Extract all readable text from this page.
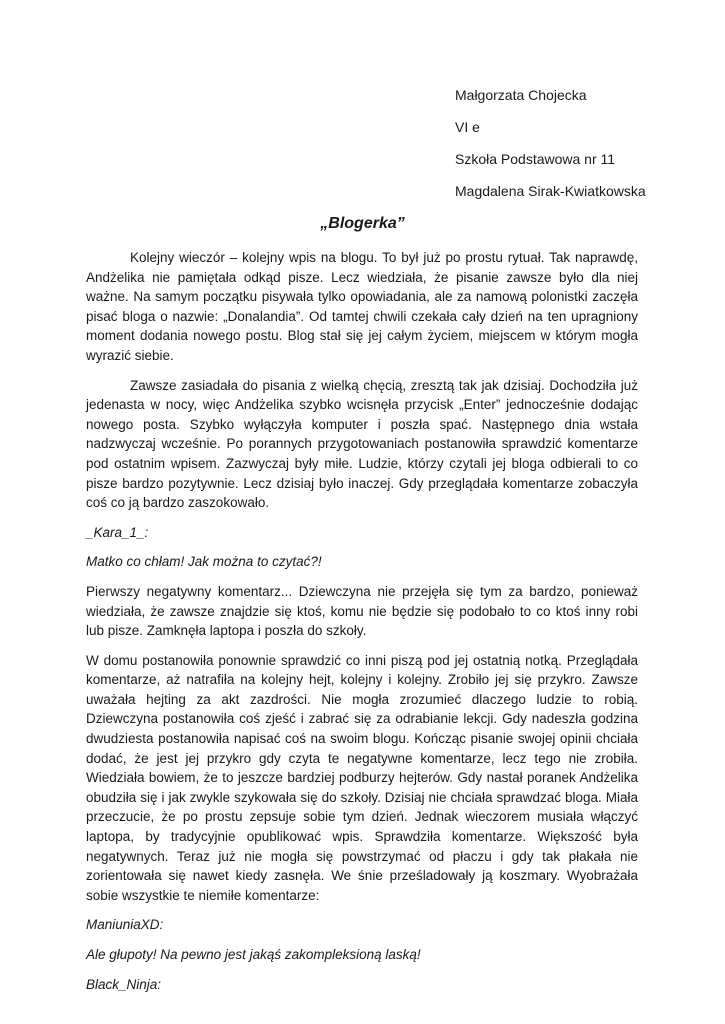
Małgorzata Chojecka

VI e

Szkoła Podstawowa nr 11

Magdalena Sirak-Kwiatkowska

„Blogerka”

Kolejny wieczór – kolejny wpis na blogu. To był już po prostu rytuał. Tak naprawdę, Andżelika nie pamiętała odkąd pisze. Lecz wiedziała, że pisanie zawsze było dla niej ważne. Na samym początku pisywała tylko opowiadania, ale za namową polonistki zaczęła pisać bloga o nazwie: „Donalandia”. Od tamtej chwili czekała cały dzień na ten upragniony moment dodania nowego postu. Blog stał się jej całym życiem, miejscem w którym mogła wyrazić siebie.

Zawsze zasiadała do pisania z wielką chęcią, zresztą tak jak dzisiaj. Dochodziła już jedenasta w nocy, więc Andżelika szybko wcisnęła przycisk „Enter” jednocześnie dodając nowego posta. Szybko wyłączyła komputer i poszła spać. Następnego dnia wstała nadzwyczaj wcześnie. Po porannych przygotowaniach postanowiła sprawdzić komentarze pod ostatnim wpisem. Zazwyczaj były miłe. Ludzie, którzy czytali jej bloga odbierali to co pisze bardzo pozytywnie. Lecz dzisiaj było inaczej. Gdy przeglądała komentarze zobaczyła coś co ją bardzo zaszokowało.

_Kara_1_:

Matko co chłam! Jak można to czytać?!

Pierwszy negatywny komentarz... Dziewczyna nie przejęła się tym za bardzo, ponieważ wiedziała, że zawsze znajdzie się ktoś, komu nie będzie się podobało to co ktoś inny robi lub pisze. Zamknęła laptopa i poszła do szkoły.

W domu postanowiła ponownie sprawdzić co inni piszą pod jej ostatnią notką. Przeglądała komentarze, aż natrafiła na kolejny hejt, kolejny i kolejny. Zrobiło jej się przykro. Zawsze uważała hejting za akt zazdrości. Nie mogła zrozumieć dlaczego ludzie to robią. Dziewczyna postanowiła coś zjeść i zabrać się za odrabianie lekcji. Gdy nadeszła godzina dwudziesta postanowiła napisać coś na swoim blogu. Kończąc pisanie swojej opinii chciała dodać, że jest jej przykro gdy czyta te negatywne komentarze, lecz tego nie zrobiła. Wiedziała bowiem, że to jeszcze bardziej podburzy hejterów. Gdy nastał poranek Andżelika obudziła się i jak zwykle szykowała się do szkoły. Dzisiaj nie chciała sprawdzać bloga. Miała przeczucie, że po prostu zepsuje sobie tym dzień. Jednak wieczorem musiała włączyć laptopa, by tradycyjnie opublikować wpis. Sprawdziła komentarze. Większość była negatywnych. Teraz już nie mogła się powstrzymać od płaczu i gdy tak płakała nie zorientowała się nawet kiedy zasnęła. We śnie prześladowały ją koszmary. Wyobrażała sobie wszystkie te niemiłe komentarze:

ManiuniaXD:

Ale głupoty! Na pewno jest jakąś zakompleksioną laską!

Black_Ninja:
